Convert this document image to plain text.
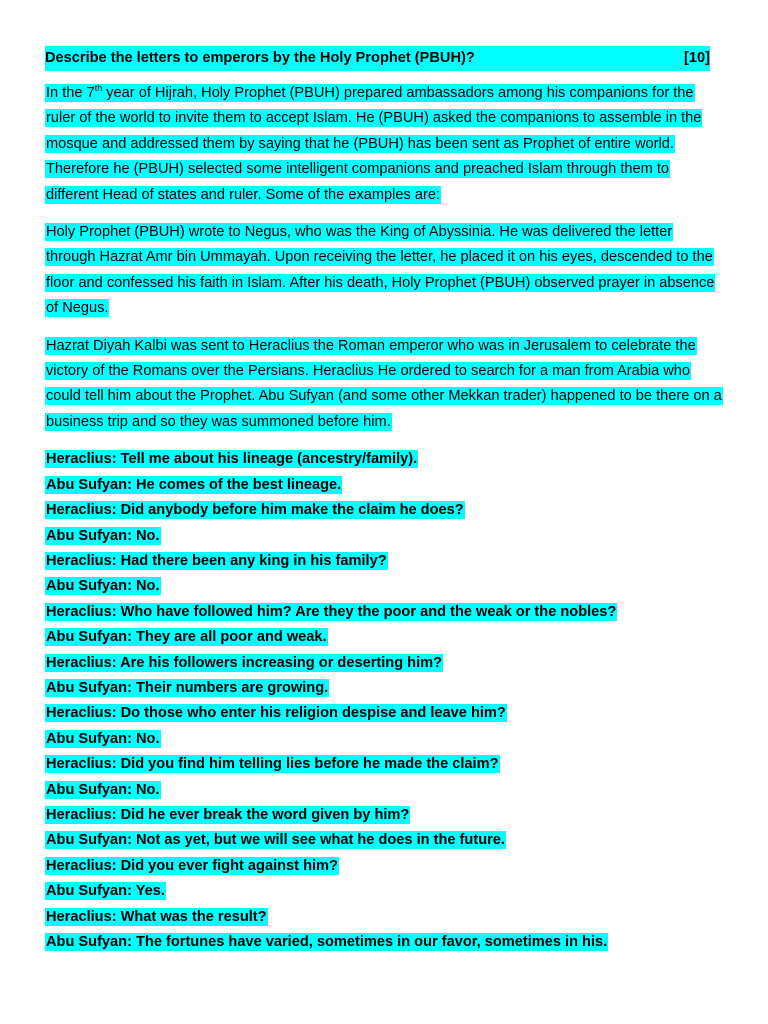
Describe the letters to emperors by the Holy Prophet (PBUH)?	[10]

In the 7th year of Hijrah, Holy Prophet (PBUH) prepared ambassadors among his companions for the ruler of the world to invite them to accept Islam. He (PBUH) asked the companions to assemble in the mosque and addressed them by saying that he (PBUH) has been sent as Prophet of entire world. Therefore he (PBUH) selected some intelligent companions and preached Islam through them to different Head of states and ruler. Some of the examples are:

Holy Prophet (PBUH) wrote to Negus, who was the King of Abyssinia. He was delivered the letter through Hazrat Amr bin Ummayah. Upon receiving the letter, he placed it on his eyes, descended to the floor and confessed his faith in Islam. After his death, Holy Prophet (PBUH) observed prayer in absence of Negus.

Hazrat Diyah Kalbi was sent to Heraclius the Roman emperor who was in Jerusalem to celebrate the victory of the Romans over the Persians. Heraclius He ordered to search for a man from Arabia who could tell him about the Prophet. Abu Sufyan (and some other Mekkan trader) happened to be there on a business trip and so they was summoned before him.

Heraclius: Tell me about his lineage (ancestry/family).
Abu Sufyan: He comes of the best lineage.
Heraclius: Did anybody before him make the claim he does?
Abu Sufyan: No.
Heraclius: Had there been any king in his family?
Abu Sufyan: No.
Heraclius: Who have followed him? Are they the poor and the weak or the nobles?
Abu Sufyan: They are all poor and weak.
Heraclius: Are his followers increasing or deserting him?
Abu Sufyan: Their numbers are growing.
Heraclius: Do those who enter his religion despise and leave him?
Abu Sufyan: No.
Heraclius: Did you find him telling lies before he made the claim?
Abu Sufyan: No.
Heraclius: Did he ever break the word given by him?
Abu Sufyan: Not as yet, but we will see what he does in the future.
Heraclius: Did you ever fight against him?
Abu Sufyan: Yes.
Heraclius: What was the result?
Abu Sufyan: The fortunes have varied, sometimes in our favor, sometimes in his.
